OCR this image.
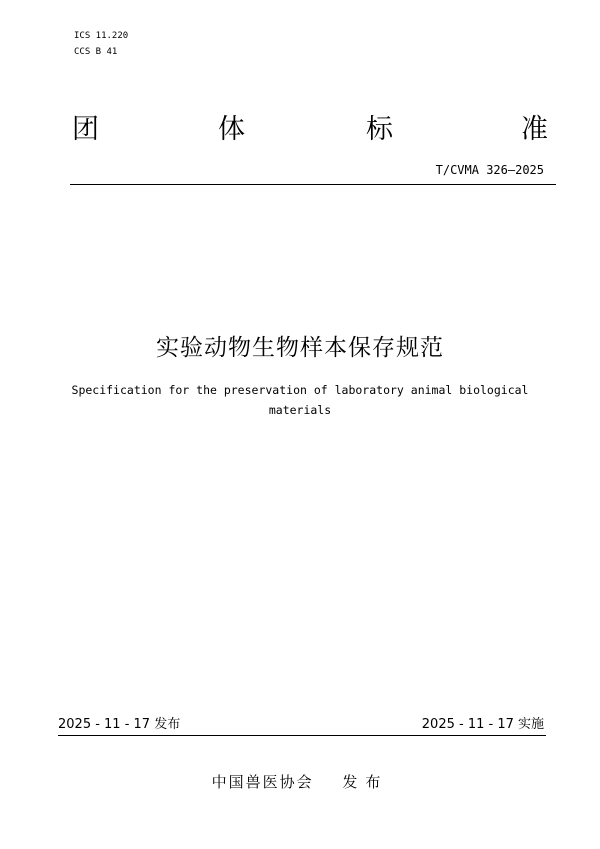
ICS 11.220
CCS B 41
团	体	标	准
T/CVMA 326—2025
实验动物生物样本保存规范
Specification for the preservation of laboratory animal biological materials
2025 - 11 - 17 发布	2025 - 11 - 17 实施
中国兽医协会 发布
